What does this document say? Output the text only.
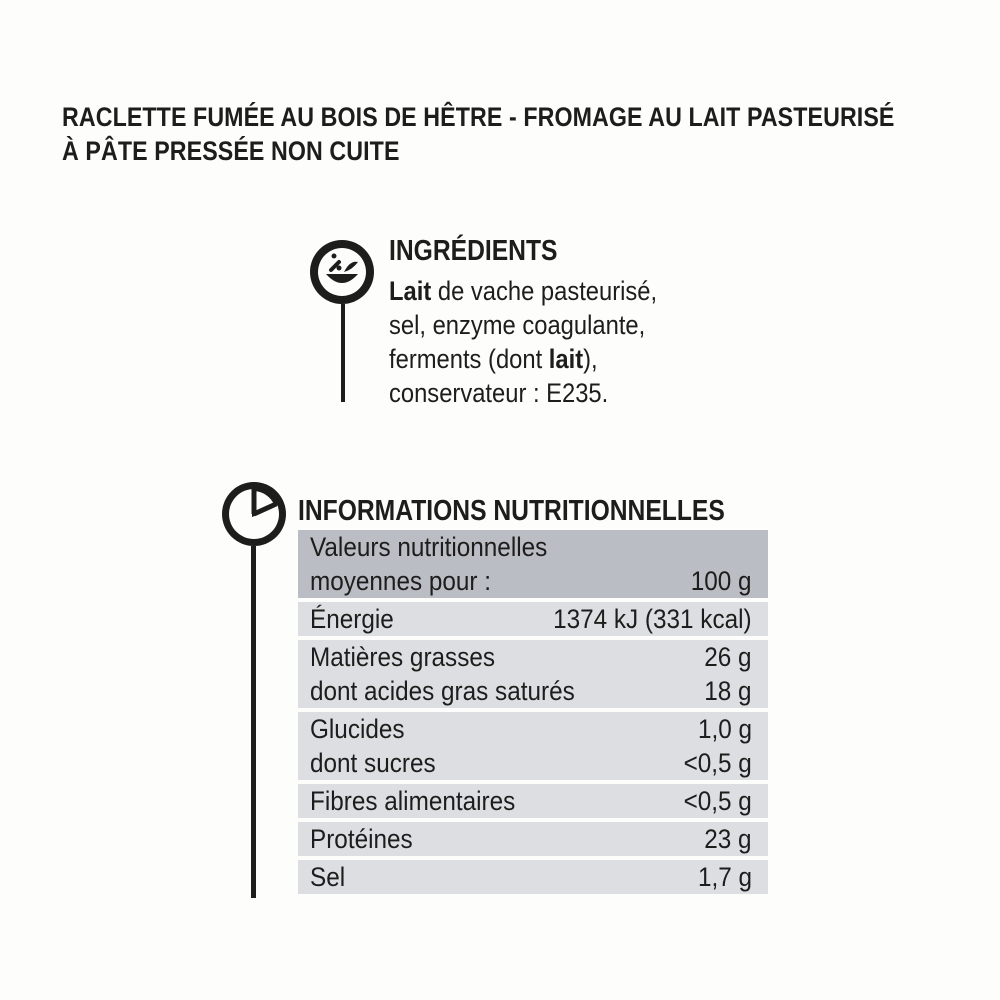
RACLETTE FUMÉE AU BOIS DE HÊTRE - FROMAGE AU LAIT PASTEURISÉ
À PÂTE PRESSÉE NON CUITE
INGRÉDIENTS
Lait de vache pasteurisé,
sel, enzyme coagulante,
ferments (dont lait),
conservateur : E235.
INFORMATIONS NUTRITIONNELLES
Valeurs nutritionnelles
moyennes pour :	100 g
Énergie	1374 kJ (331 kcal)
Matières grasses	26 g
dont acides gras saturés	18 g
Glucides	1,0 g
dont sucres	<0,5 g
Fibres alimentaires	<0,5 g
Protéines	23 g
Sel	1,7 g
